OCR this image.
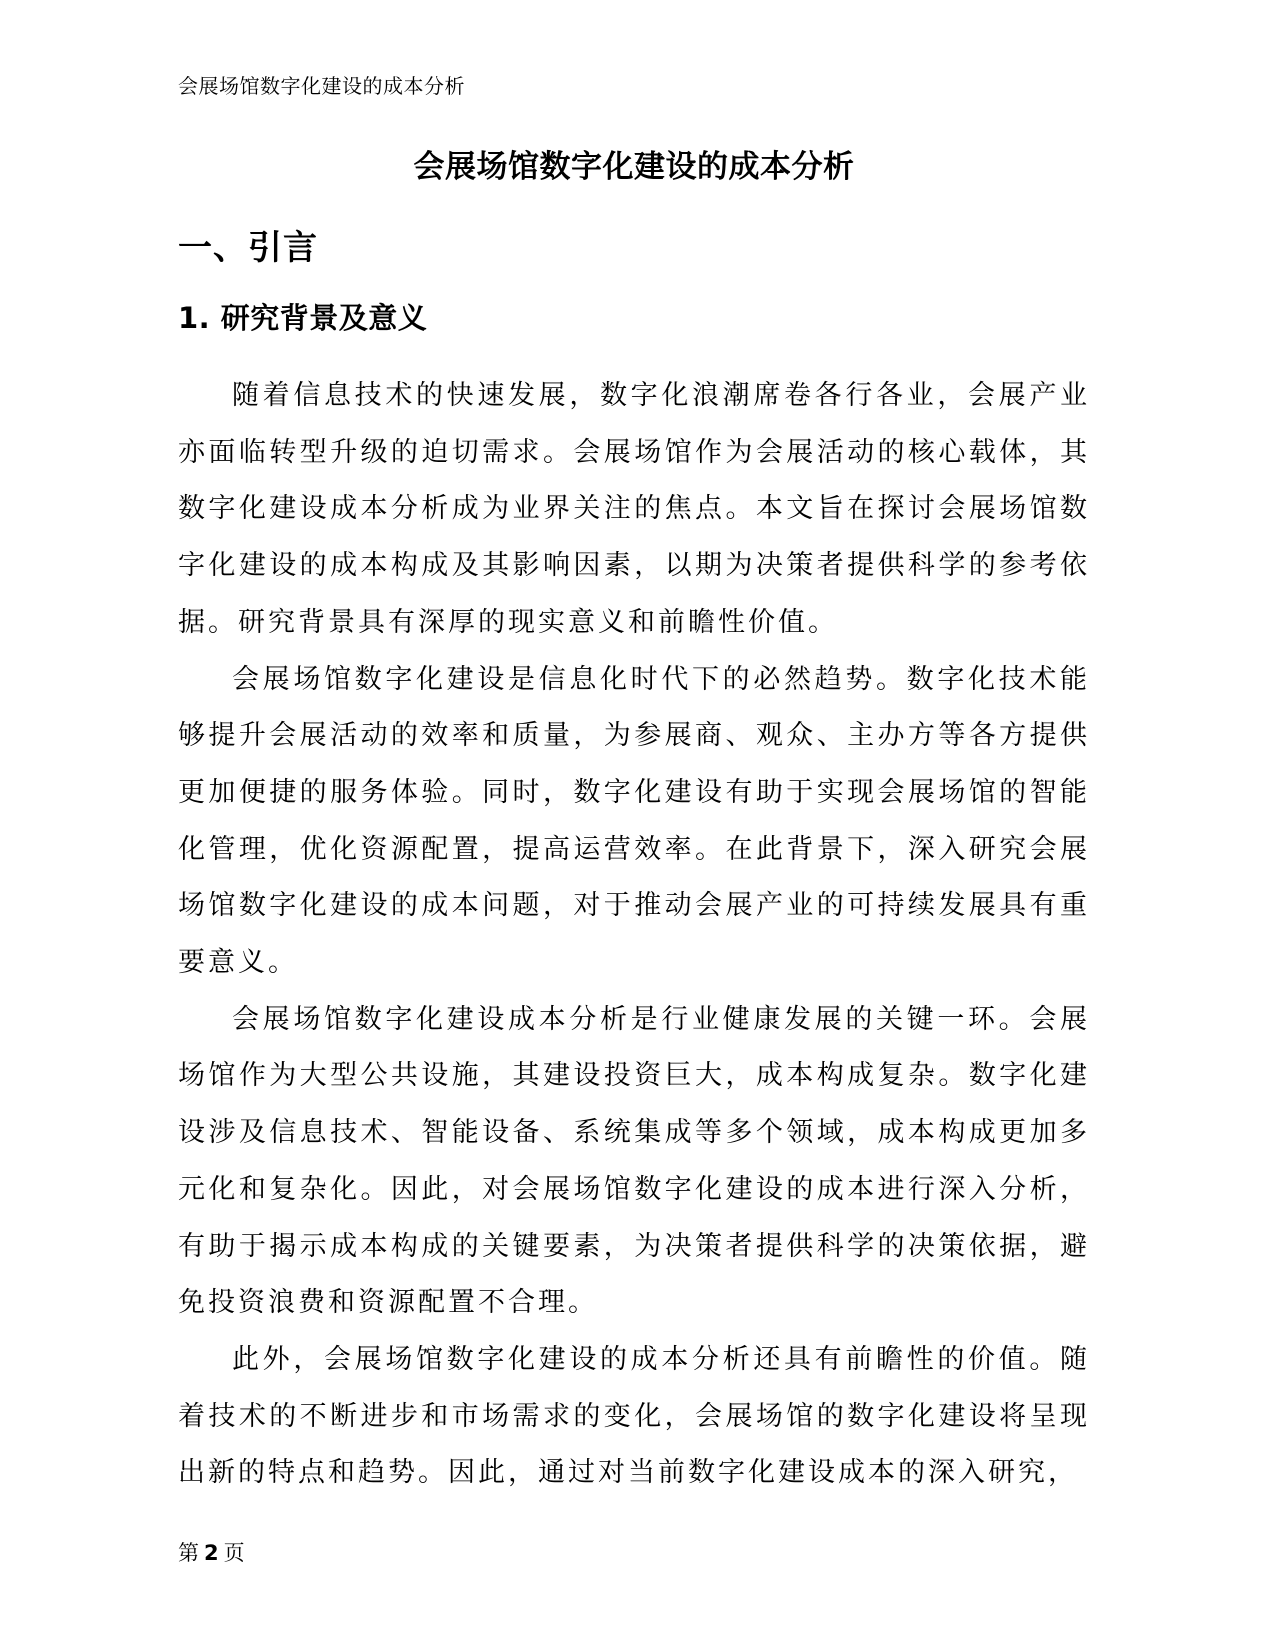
会展场馆数字化建设的成本分析
会展场馆数字化建设的成本分析
一、引言
1. 研究背景及意义

随着信息技术的快速发展，数字化浪潮席卷各行各业，会展产业亦面临转型升级的迫切需求。会展场馆作为会展活动的核心载体，其数字化建设成本分析成为业界关注的焦点。本文旨在探讨会展场馆数字化建设的成本构成及其影响因素，以期为决策者提供科学的参考依据。研究背景具有深厚的现实意义和前瞻性价值。

会展场馆数字化建设是信息化时代下的必然趋势。数字化技术能够提升会展活动的效率和质量，为参展商、观众、主办方等各方提供更加便捷的服务体验。同时，数字化建设有助于实现会展场馆的智能化管理，优化资源配置，提高运营效率。在此背景下，深入研究会展场馆数字化建设的成本问题，对于推动会展产业的可持续发展具有重要意义。

会展场馆数字化建设成本分析是行业健康发展的关键一环。会展场馆作为大型公共设施，其建设投资巨大，成本构成复杂。数字化建设涉及信息技术、智能设备、系统集成等多个领域，成本构成更加多元化和复杂化。因此，对会展场馆数字化建设的成本进行深入分析，有助于揭示成本构成的关键要素，为决策者提供科学的决策依据，避免投资浪费和资源配置不合理。

此外，会展场馆数字化建设的成本分析还具有前瞻性的价值。随着技术的不断进步和市场需求的变化，会展场馆的数字化建设将呈现出新的特点和趋势。因此，通过对当前数字化建设成本的深入研究，

第 2 页
